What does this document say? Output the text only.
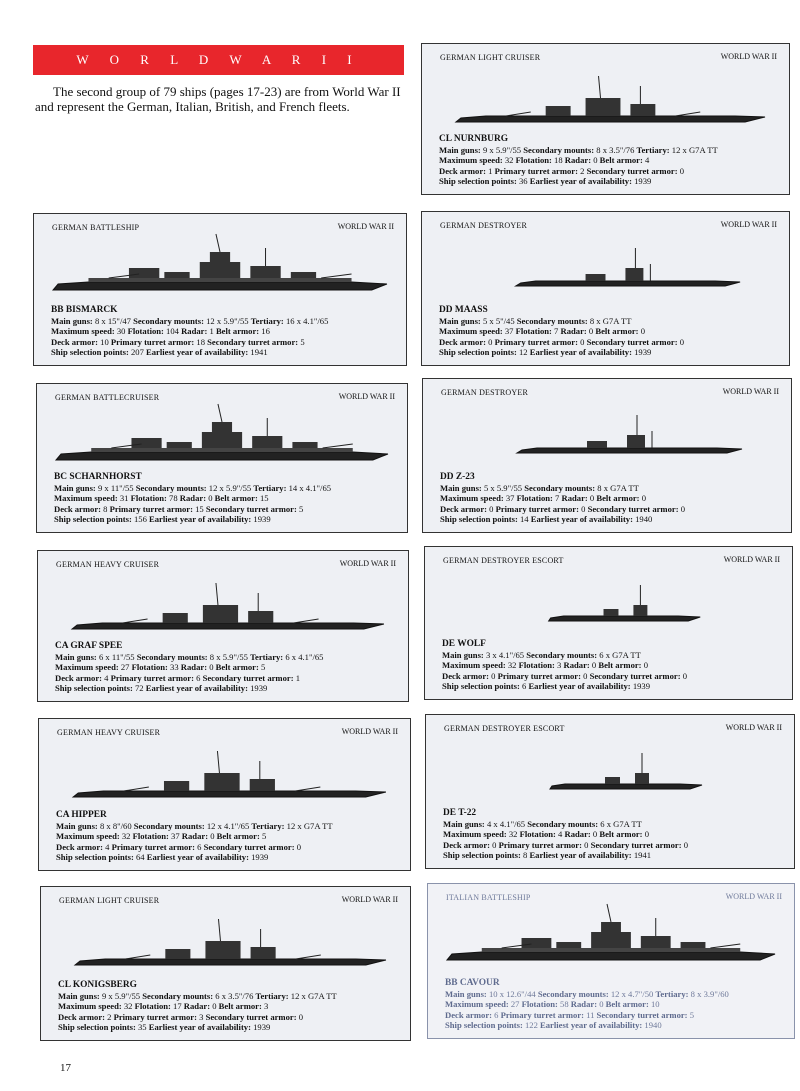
W O R L D W A R I I

The second group of 79 ships (pages 17-23) are from World War II and represent the German, Italian, British, and French fleets.

GERMAN LIGHT CRUISER	WORLD WAR II
CL NURNBURG
Main guns: 9 x 5.9"/55 Secondary mounts: 8 x 3.5"/76 Tertiary: 12 x G7A TT
Maximum speed: 32 Flotation: 18 Radar: 0 Belt armor: 4
Deck armor: 1 Primary turret armor: 2 Secondary turret armor: 0
Ship selection points: 36 Earliest year of availability: 1939
GERMAN BATTLESHIP	WORLD WAR II
BB BISMARCK
Main guns: 8 x 15"/47 Secondary mounts: 12 x 5.9"/55 Tertiary: 16 x 4.1"/65
Maximum speed: 30 Flotation: 104 Radar: 1 Belt armor: 16
Deck armor: 10 Primary turret armor: 18 Secondary turret armor: 5
Ship selection points: 207 Earliest year of availability: 1941
GERMAN DESTROYER	WORLD WAR II
DD MAASS
Main guns: 5 x 5"/45 Secondary mounts: 8 x G7A TT
Maximum speed: 37 Flotation: 7 Radar: 0 Belt armor: 0
Deck armor: 0 Primary turret armor: 0 Secondary turret armor: 0
Ship selection points: 12 Earliest year of availability: 1939
GERMAN BATTLECRUISER	WORLD WAR II
BC SCHARNHORST
Main guns: 9 x 11"/55 Secondary mounts: 12 x 5.9"/55 Tertiary: 14 x 4.1"/65
Maximum speed: 31 Flotation: 78 Radar: 0 Belt armor: 15
Deck armor: 8 Primary turret armor: 15 Secondary turret armor: 5
Ship selection points: 156 Earliest year of availability: 1939
GERMAN DESTROYER	WORLD WAR II
DD Z-23
Main guns: 5 x 5.9"/55 Secondary mounts: 8 x G7A TT
Maximum speed: 37 Flotation: 7 Radar: 0 Belt armor: 0
Deck armor: 0 Primary turret armor: 0 Secondary turret armor: 0
Ship selection points: 14 Earliest year of availability: 1940
GERMAN HEAVY CRUISER	WORLD WAR II
CA GRAF SPEE
Main guns: 6 x 11"/55 Secondary mounts: 8 x 5.9"/55 Tertiary: 6 x 4.1"/65
Maximum speed: 27 Flotation: 33 Radar: 0 Belt armor: 5
Deck armor: 4 Primary turret armor: 6 Secondary turret armor: 1
Ship selection points: 72 Earliest year of availability: 1939
GERMAN DESTROYER ESCORT	WORLD WAR II
DE WOLF
Main guns: 3 x 4.1"/65 Secondary mounts: 6 x G7A TT
Maximum speed: 32 Flotation: 3 Radar: 0 Belt armor: 0
Deck armor: 0 Primary turret armor: 0 Secondary turret armor: 0
Ship selection points: 6 Earliest year of availability: 1939
GERMAN HEAVY CRUISER	WORLD WAR II
CA HIPPER
Main guns: 8 x 8"/60 Secondary mounts: 12 x 4.1"/65 Tertiary: 12 x G7A TT
Maximum speed: 32 Flotation: 37 Radar: 0 Belt armor: 5
Deck armor: 4 Primary turret armor: 6 Secondary turret armor: 0
Ship selection points: 64 Earliest year of availability: 1939
GERMAN DESTROYER ESCORT	WORLD WAR II
DE T-22
Main guns: 4 x 4.1"/65 Secondary mounts: 6 x G7A TT
Maximum speed: 32 Flotation: 4 Radar: 0 Belt armor: 0
Deck armor: 0 Primary turret armor: 0 Secondary turret armor: 0
Ship selection points: 8 Earliest year of availability: 1941
GERMAN LIGHT CRUISER	WORLD WAR II
CL KONIGSBERG
Main guns: 9 x 5.9"/55 Secondary mounts: 6 x 3.5"/76 Tertiary: 12 x G7A TT
Maximum speed: 32 Flotation: 17 Radar: 0 Belt armor: 3
Deck armor: 2 Primary turret armor: 3 Secondary turret armor: 0
Ship selection points: 35 Earliest year of availability: 1939
ITALIAN BATTLESHIP	WORLD WAR II
BB CAVOUR
Main guns: 10 x 12.6"/44 Secondary mounts: 12 x 4.7"/50 Tertiary: 8 x 3.9"/60
Maximum speed: 27 Flotation: 58 Radar: 0 Belt armor: 10
Deck armor: 6 Primary turret armor: 11 Secondary turret armor: 5
Ship selection points: 122 Earliest year of availability: 1940
17
